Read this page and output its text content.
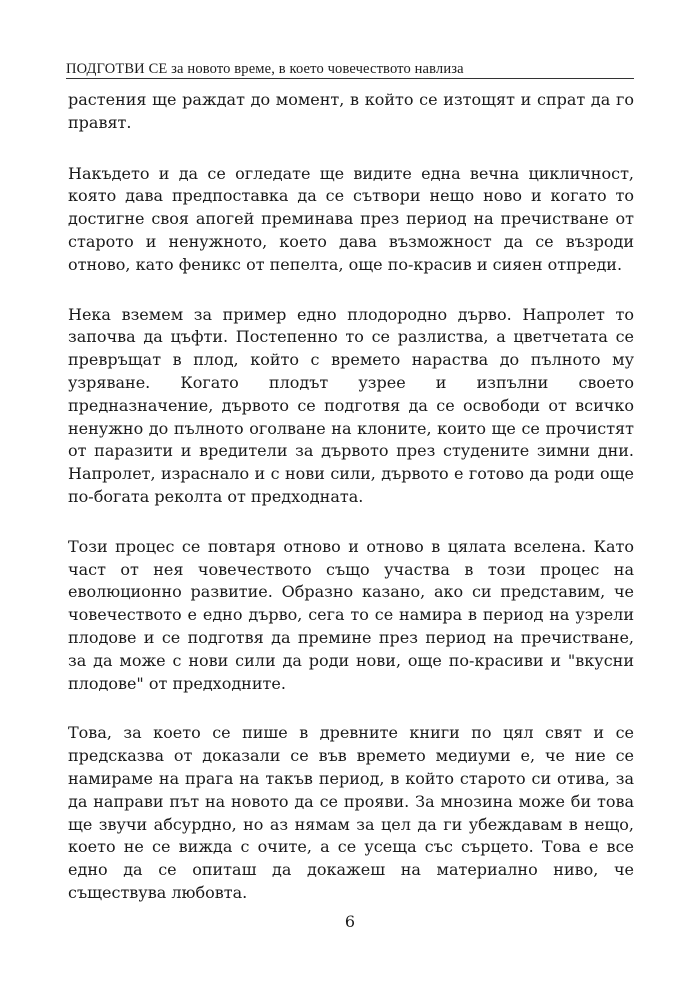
ПОДГОТВИ СЕ за новото време, в което човечеството навлиза

растения ще раждат до момент, в който се изтощят и спрат да го правят.

Накъдето и да се огледате ще видите една вечна цикличност, която дава предпоставка да се сътвори нещо ново и когато то достигне своя апогей преминава през период на пречистване от старото и ненужното, което дава възможност да се възроди отново, като феникс от пепелта, още по-красив и сияен отпреди.

Нека вземем за пример едно плодородно дърво. Напролет то започва да цъфти. Постепенно то се разлиства, а цветчетата се превръщат в плод, който с времето нараства до пълното му узряване. Когато плодът узрее и изпълни своето предназначение, дървото се подготвя да се освободи от всичко ненужно до пълното оголване на клоните, които ще се прочистят от паразити и вредители за дървото през студените зимни дни. Напролет, израснало и с нови сили, дървото е готово да роди още по-богата реколта от предходната.

Този процес се повтаря отново и отново в цялата вселена. Като част от нея човечеството също участва в този процес на еволюционно развитие. Образно казано, ако си представим, че човечеството е едно дърво, сега то се намира в период на узрели плодове и се подготвя да премине през период на пречистване, за да може с нови сили да роди нови, още по-красиви и "вкусни плодове" от предходните.

Това, за което се пише в древните книги по цял свят и се предсказва от доказали се във времето медиуми е, че ние се намираме на прага на такъв период, в който старото си отива, за да направи път на новото да се прояви. За мнозина може би това ще звучи абсурдно, но аз нямам за цел да ги убеждавам в нещо, което не се вижда с очите, а се усеща със сърцето. Това е все едно да се опиташ да докажеш на материално ниво, че съществува любовта.

6
